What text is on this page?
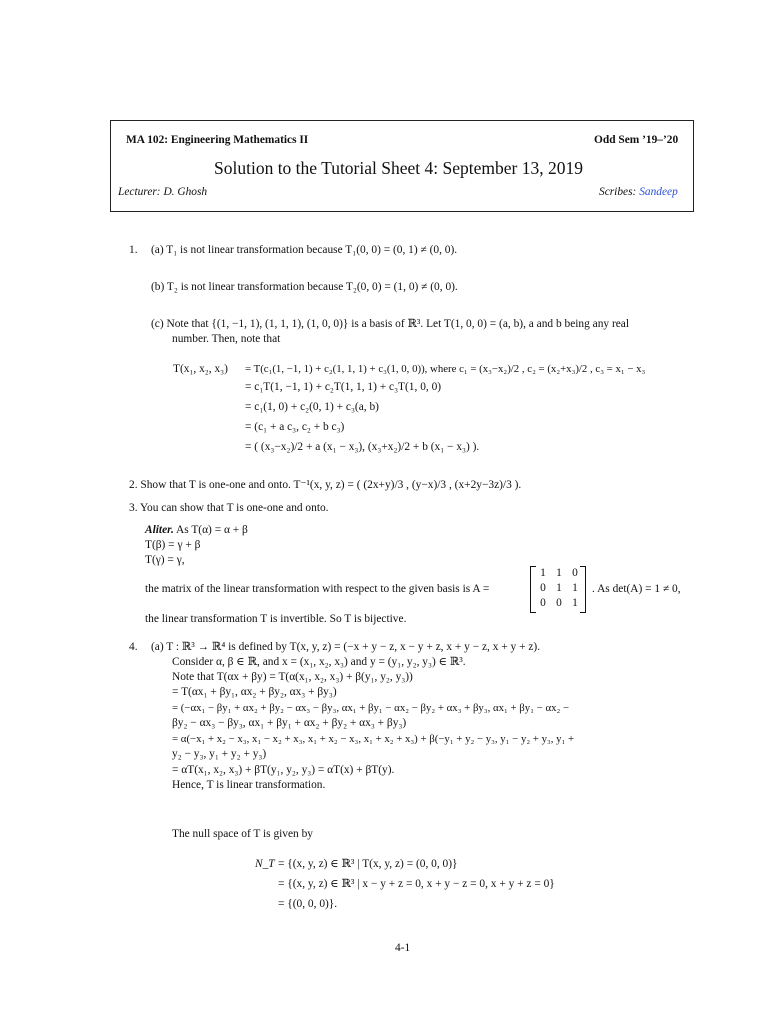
MA 102: Engineering Mathematics II	Odd Sem ’19–’20
Solution to the Tutorial Sheet 4: September 13, 2019
Lecturer: D. Ghosh	Scribes: Sandeep
1. (a) T₁ is not linear transformation because T₁(0, 0) = (0, 1) ≠ (0, 0).
(b) T₂ is not linear transformation because T₂(0, 0) = (1, 0) ≠ (0, 0).
(c) Note that {(1, −1, 1), (1, 1, 1), (1, 0, 0)} is a basis of ℝ³. Let T(1, 0, 0) = (a, b), a and b being any real
number. Then, note that
T(x₁, x₂, x₃) = T(c₁(1, −1, 1) + c₂(1, 1, 1) + c₃(1, 0, 0)), where c₁ = (x₃−x₂)/2 , c₂ = (x₂+x₃)/2 , c₃ = x₁ − x₃
= c₁T(1, −1, 1) + c₂T(1, 1, 1) + c₃T(1, 0, 0)
= c₁(1, 0) + c₂(0, 1) + c₃(a, b)
= (c₁ + a c₃, c₂ + b c₃)
= ( (x₃−x₂)/2 + a (x₁ − x₃), (x₃+x₂)/2 + b (x₁ − x₃) ).
2. Show that T is one-one and onto. T⁻¹(x, y, z) = ( (2x+y)/3 , (y−x)/3 , (x+2y−3z)/3 ).
3. You can show that T is one-one and onto.
Aliter. As T(α) = α + β
T(β) = γ + β
T(γ) = γ,
the matrix of the linear transformation with respect to the given basis is A =
1 1 0
0 1 1
0 0 1
. As det(A) = 1 ≠ 0,
the linear transformation T is invertible. So T is bijective.
4. (a) T : ℝ³ → ℝ⁴ is defined by T(x, y, z) = (−x + y − z, x − y + z, x + y − z, x + y + z).
Consider α, β ∈ ℝ, and x = (x₁, x₂, x₃) and y = (y₁, y₂, y₃) ∈ ℝ³.
Note that T(αx + βy) = T(α(x₁, x₂, x₃) + β(y₁, y₂, y₃))
= T(αx₁ + βy₁, αx₂ + βy₂, αx₃ + βy₃)
= (−αx₁ − βy₁ + αx₂ + βy₂ − αx₃ − βy₃, αx₁ + βy₁ − αx₂ − βy₂ + αx₃ + βy₃, αx₁ + βy₁ − αx₂ −
βy₂ − αx₃ − βy₃, αx₁ + βy₁ + αx₂ + βy₂ + αx₃ + βy₃)
= α(−x₁ + x₂ − x₃, x₁ − x₂ + x₃, x₁ + x₂ − x₃, x₁ + x₂ + x₃) + β(−y₁ + y₂ − y₃, y₁ − y₂ + y₃, y₁ +
y₂ − y₃, y₁ + y₂ + y₃)
= αT(x₁, x₂, x₃) + βT(y₁, y₂, y₃) = αT(x) + βT(y).
Hence, T is linear transformation.
The null space of T is given by
N_T = {(x, y, z) ∈ ℝ³ | T(x, y, z) = (0, 0, 0)}
= {(x, y, z) ∈ ℝ³ | x − y + z = 0, x + y − z = 0, x + y + z = 0}
= {(0, 0, 0)}.
4-1
